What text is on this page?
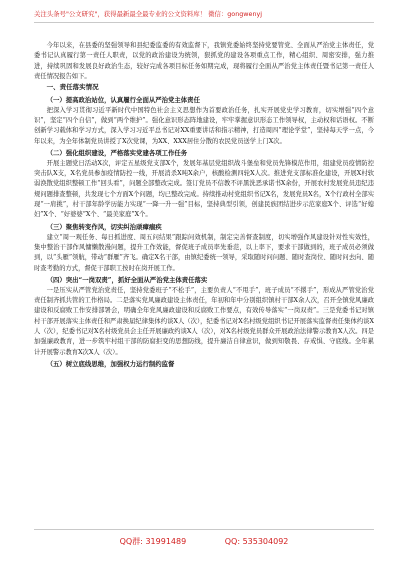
关注头条号"公文研究"，获得最新最全最专业的公文资料库！ 微信：gongwenyj

今年以来，在县委的坚强领导和县纪委监委的有效监督下，我镇党委始终坚持党要管党、全面从严治党主体责任，党委书记认真履行第一责任人职责，以党的政治建设为统领，狠抓党的建设各项重点工作，精心组织、周密安排，强力推进，持续巩固和发展良好政治生态，较好完成各项目标任务如期完成，现将履行全面从严治党主体责任暨书记第一责任人责任情况报告如下。

一、责任落实情况

（一）提高政治站位，认真履行全面从严治党主体责任

把深入学习贯彻习近平新时代中国特色社会主义思想作为首要政治任务，扎实开展党史学习教育，切实增强“四个意识”，坚定“四个自信”，做到“两个维护”。强化意识形态阵地建设，牢牢掌握意识形态工作领导权，主动权和话语权。不断创新学习载体和学习方式，深入学习习近平总书记对XX重要讲话和指示精神，打造周四“理论学堂”，坚持每天学一点，今年以来，为全年体制党员讲授了X次党课，为XX、XXX居住分散的农民党员送学上门X次。

（二）强化组织建设，严格落实党建各项工作任务

开展主题党日活动X次，评定五星级党支部X个，发展年基层党组织战斗堡垒和党员先锋模范作用，组建党员疫情防控突击队X支，X名党员参加疫情防控一线，开展消杀X吨X余户，核酸检测四轮X人次。推进党支部标准化建设，开展X村软弱涣散党组织整顿工作“回头看”，问题全部整改完成。签订党员不信教不评黑洗恶承诺书X余份，开展农村发展党员违纪违规问题排查整顿，共发现七个方面X个问题，均已整改完成。持续推动村党组织书记X名，发展党员X名，X个行政村全部实现“一肩挑”，村干部年龄学历能力实现“一降一升一强”目标，坚持典型引领，创建民族团结进步示范家庭X个、评选“好媳妇”X个、“好婆婆”X个、“最美家庭”X个。

（三）聚焦转变作风，切实纠治顽瘴痼疾

建立“周一观任务、每日抓进度、周五问结果”跟踪问效机制，制定完善督查制度，切实增强作风建设针对性实效性，集中整治干部作风慵懒散漫问题，提升工作效能，督促班子成员率先垂范，以上率下，要求干部做到的，班子成员必须做到，以“头雁”领航，带动“群雁”齐飞。确定X名干部，由镇纪委统一领导，采取随时问问题、随时查岗位、随时问去向、随时查考勤的方式，督促干部职工按时在岗开展工作。

（四）突出“一岗双责”，抓好全面从严治党主体责任落实

一是压实从严管党治党责任，坚持党委班子“不松手”，主要负责人“不甩手”，班子成员“不撂手”，形成从严管党治党责任制齐抓共管的工作格局。二是落实党风廉政建设主体责任，年初和年中分别组织镇村干部X余人次，召开全镇党风廉政建设和反腐败工作安排部署会，明确全年党风廉政建设和反腐败工作要点，有效传导落实“一岗双责”。三是党委书记对镇村干部开展落实主体责任和严肃换届纪律集体约谈X人（次），纪委书记对X名村级党组织书记开展落实监督责任集体约谈X人（次），纪委书记对X名村级党员会主任开展廉政约谈X人（次），对X名村级党员群众开展政治法律警示教育X人次。四是加强廉政教育，进一步筑牢村组干部的防腐拒变的思想防线，提升廉洁自律意识，做到知敬畏、存戒惧、守底线。全年累计开展警示教育X次X人（次）。

（五）树立底线思维，加强权力运行制约监督

QQ群: 31991489	QQ: 535304092
